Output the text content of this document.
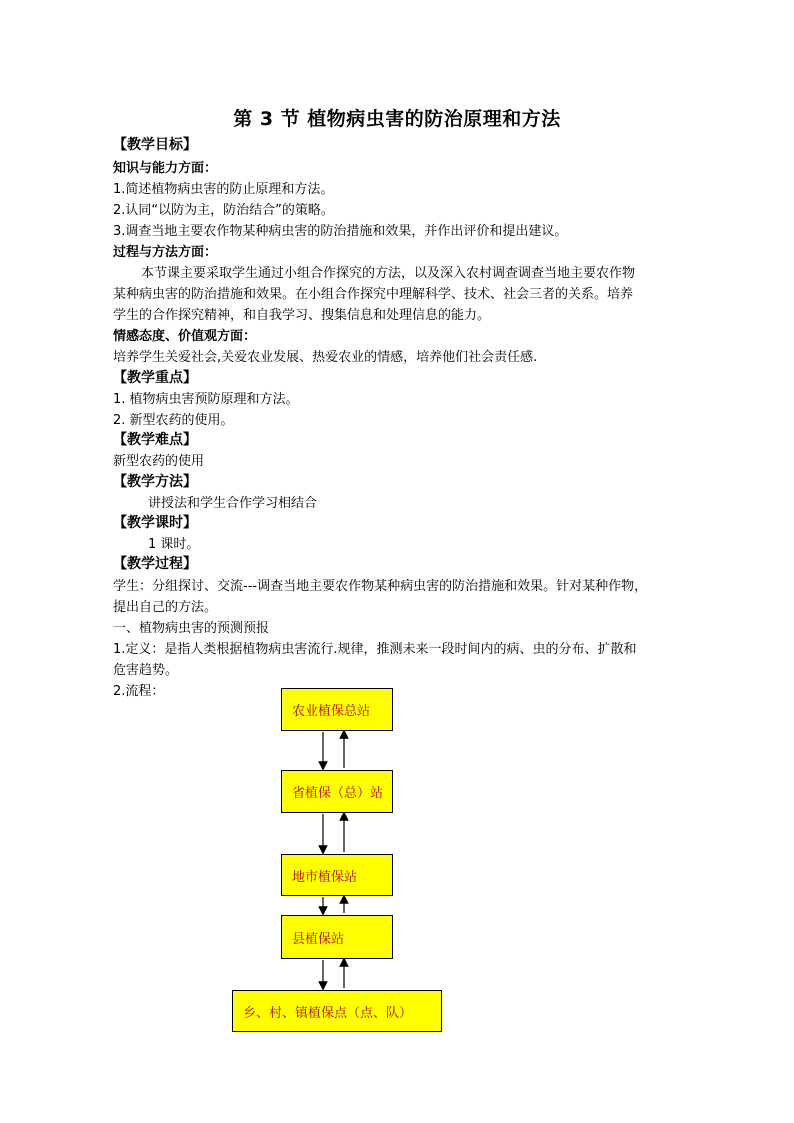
第 3 节 植物病虫害的防治原理和方法
【教学目标】
知识与能力方面：
1.简述植物病虫害的防止原理和方法。
2.认同“以防为主，防治结合”的策略。
3.调查当地主要农作物某种病虫害的防治措施和效果，并作出评价和提出建议。
过程与方法方面：
本节课主要采取学生通过小组合作探究的方法，以及深入农村调查调查当地主要农作物
某种病虫害的防治措施和效果。在小组合作探究中理解科学、技术、社会三者的关系。培养
学生的合作探究精神，和自我学习、搜集信息和处理信息的能力。
情感态度、价值观方面：
培养学生关爱社会,关爱农业发展、热爱农业的情感，培养他们社会责任感.
【教学重点】
1. 植物病虫害预防原理和方法。
2. 新型农药的使用。
【教学难点】
新型农药的使用
【教学方法】
讲授法和学生合作学习相结合
【教学课时】
1 课时。
【教学过程】
学生：分组探讨、交流---调查当地主要农作物某种病虫害的防治措施和效果。针对某种作物，
提出自己的方法。
一、植物病虫害的预测预报
1.定义：是指人类根据植物病虫害流行.规律，推测未来一段时间内的病、虫的分布、扩散和
危害趋势。
2.流程：
农业植保总站
省植保（总）站
地市植保站
县植保站
乡、村、镇植保点（点、队）
